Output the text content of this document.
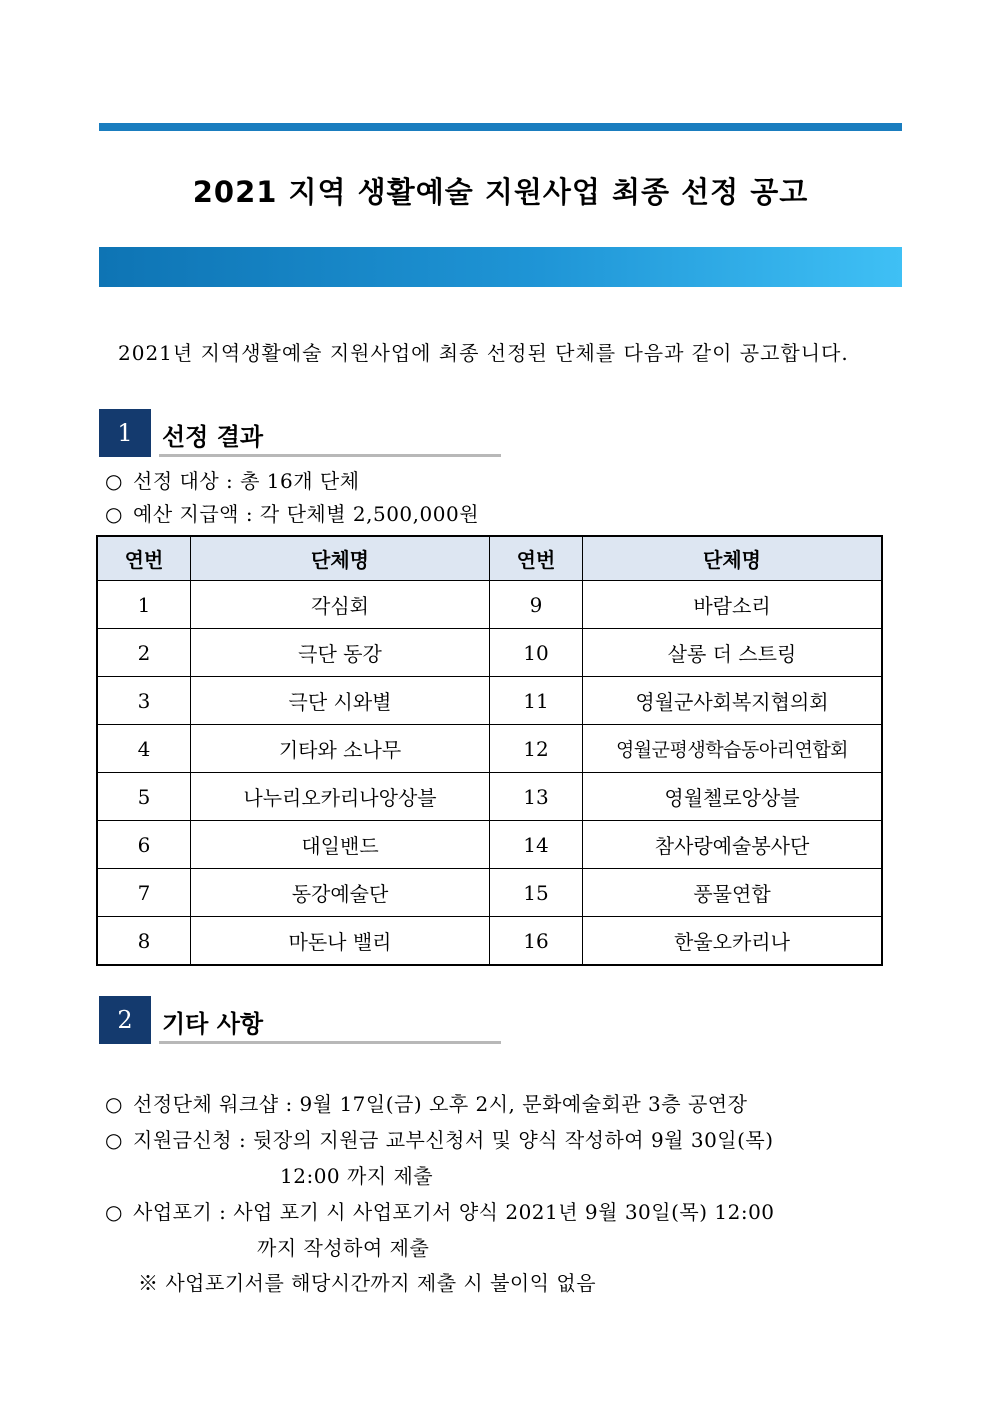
2021 지역 생활예술 지원사업 최종 선정 공고
2021년 지역생활예술 지원사업에 최종 선정된 단체를 다음과 같이 공고합니다.
1	선정 결과
○ 선정 대상 : 총 16개 단체
○ 예산 지급액 : 각 단체별 2,500,000원
연번	단체명	연번	단체명
1	각심회	9	바람소리
2	극단 동강	10	살롱 더 스트링
3	극단 시와별	11	영월군사회복지협의회
4	기타와 소나무	12	영월군평생학습동아리연합회
5	나누리오카리나앙상블	13	영월첼로앙상블
6	대일밴드	14	참사랑예술봉사단
7	동강예술단	15	풍물연합
8	마돈나 밸리	16	한울오카리나
2	기타 사항
○ 선정단체 워크샵 : 9월 17일(금) 오후 2시, 문화예술회관 3층 공연장
○ 지원금신청 : 뒷장의 지원금 교부신청서 및 양식 작성하여 9월 30일(목)
12:00 까지 제출
○ 사업포기 : 사업 포기 시 사업포기서 양식 2021년 9월 30일(목) 12:00
까지 작성하여 제출
※ 사업포기서를 해당시간까지 제출 시 불이익 없음
